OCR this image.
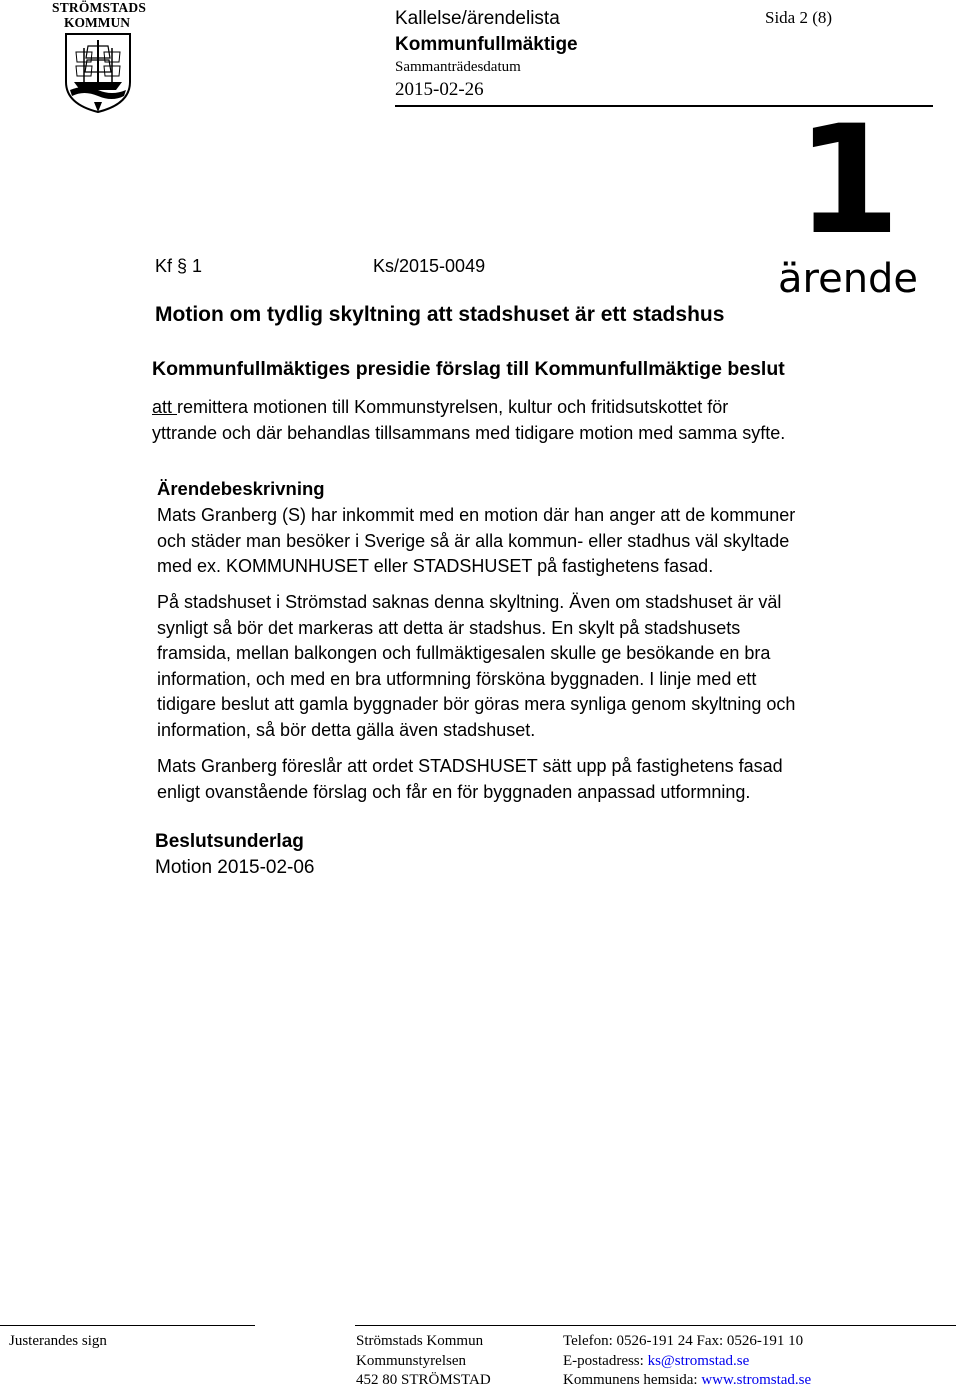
STRÖMSTADS
KOMMUN	Kallelse/ärendelista
Kommunfullmäktige
Sammanträdesdatum
2015-02-26
Sida 2 (8)
1
ärende
Kf § 1	Ks/2015-0049
Motion om tydlig skyltning att stadshuset är ett stadshus
Kommunfullmäktiges presidie förslag till Kommunfullmäktige beslut
att remittera motionen till Kommunstyrelsen, kultur och fritidsutskottet för
yttrande och där behandlas tillsammans med tidigare motion med samma syfte.
Ärendebeskrivning
Mats Granberg (S) har inkommit med en motion där han anger att de kommuner
och städer man besöker i Sverige så är alla kommun- eller stadhus väl skyltade
med ex. KOMMUNHUSET eller STADSHUSET på fastighetens fasad.
På stadshuset i Strömstad saknas denna skyltning. Även om stadshuset är väl
synligt så bör det markeras att detta är stadshus. En skylt på stadshusets
framsida, mellan balkongen och fullmäktigesalen skulle ge besökande en bra
information, och med en bra utformning försköna byggnaden. I linje med ett
tidigare beslut att gamla byggnader bör göras mera synliga genom skyltning och
information, så bör detta gälla även stadshuset.
Mats Granberg föreslår att ordet STADSHUSET sätt upp på fastighetens fasad
enligt ovanstående förslag och får en för byggnaden anpassad utformning.
Beslutsunderlag
Motion 2015-02-06
Justerandes sign	Strömstads Kommun
Kommunstyrelsen
452 80 STRÖMSTAD
Telefon: 0526-191 24 Fax: 0526-191 10
E-postadress: ks@stromstad.se
Kommunens hemsida: www.stromstad.se
